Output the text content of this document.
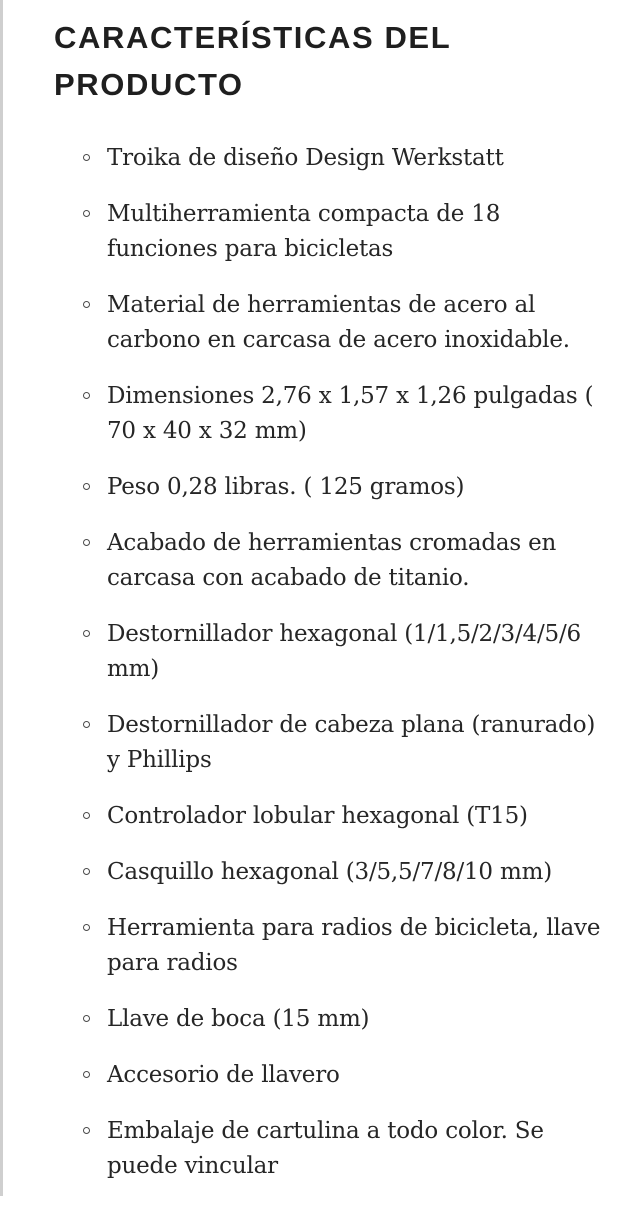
CARACTERÍSTICAS DEL
PRODUCTO
Troika de diseño Design Werkstatt
Multiherramienta compacta de 18 funciones para bicicletas
Material de herramientas de acero al carbono en carcasa de acero inoxidable.
Dimensiones 2,76 x 1,57 x 1,26 pulgadas ( 70 x 40 x 32 mm)
Peso 0,28 libras. ( 125 gramos)
Acabado de herramientas cromadas en carcasa con acabado de titanio.
Destornillador hexagonal (1/1,5/2/3/4/5/6 mm)
Destornillador de cabeza plana (ranurado) y Phillips
Controlador lobular hexagonal (T15)
Casquillo hexagonal (3/5,5/7/8/10 mm)
Herramienta para radios de bicicleta, llave para radios
Llave de boca (15 mm)
Accesorio de llavero
Embalaje de cartulina a todo color. Se puede vincular
